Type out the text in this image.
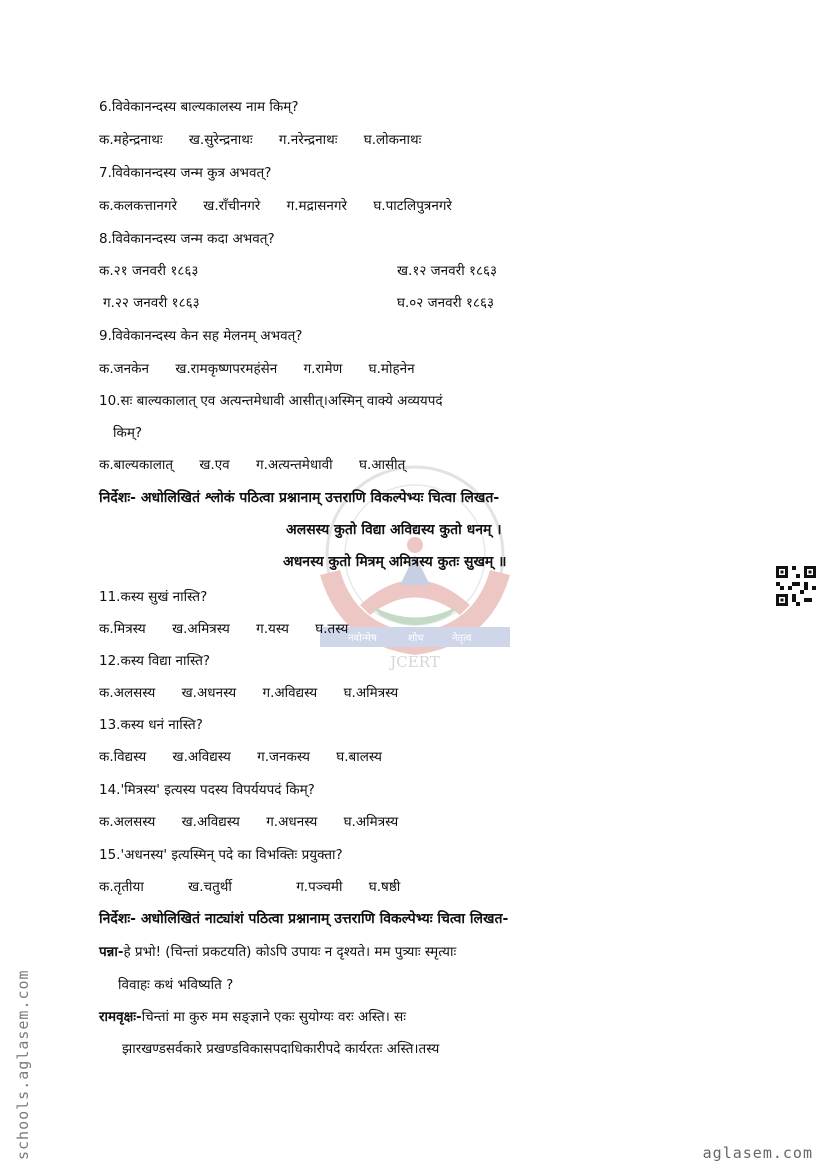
नवोन्मेष	शोध	नेतृत्व
JCERT
6.विवेकानन्दस्य बाल्यकालस्य नाम किम्?
क.महेन्द्रनाथः ख.सुरेन्द्रनाथः ग.नरेन्द्रनाथः घ.लोकनाथः
7.विवेकानन्दस्य जन्म कुत्र अभवत्?
क.कलकत्तानगरे ख.राँचीनगरे ग.मद्रासनगरे घ.पाटलिपुत्रनगरे
8.विवेकानन्दस्य जन्म कदा अभवत्?
क.२१ जनवरी १८६३	ख.१२ जनवरी १८६३
ग.२२ जनवरी १८६३	घ.०२ जनवरी १८६३
9.विवेकानन्दस्य केन सह मेलनम् अभवत्?
क.जनकेन ख.रामकृष्णपरमहंसेन ग.रामेण घ.मोहनेन
10.सः बाल्यकालात् एव अत्यन्तमेधावी आसीत्।अस्मिन् वाक्ये अव्ययपदं
किम्?
क.बाल्यकालात् ख.एव ग.अत्यन्तमेधावी घ.आसीत्
निर्देशः- अधोलिखितं श्लोकं पठित्वा प्रश्नानाम् उत्तराणि विकल्पेभ्यः चित्वा लिखत-
अलसस्य कुतो विद्या अविद्यस्य कुतो धनम् ।
अधनस्य कुतो मित्रम् अमित्रस्य कुतः सुखम् ॥
11.कस्य सुखं नास्ति?
क.मित्रस्य ख.अमित्रस्य ग.यस्य घ.तस्य
12.कस्य विद्या नास्ति?
क.अलसस्य ख.अधनस्य ग.अविद्यस्य घ.अमित्रस्य
13.कस्य धनं नास्ति?
क.विद्यस्य ख.अविद्यस्य ग.जनकस्य घ.बालस्य
14.'मित्रस्य' इत्यस्य पदस्य विपर्ययपदं किम्?
क.अलसस्य ख.अविद्यस्य ग.अधनस्य घ.अमित्रस्य
15.'अधनस्य' इत्यस्मिन् पदे का विभक्तिः प्रयुक्ता?
क.तृतीया	ख.चतुर्थी	ग.पञ्चमी घ.षष्ठी
निर्देशः- अधोलिखितं नाट्यांशं पठित्वा प्रश्नानाम् उत्तराणि विकल्पेभ्यः चित्वा लिखत-
पन्ना-हे प्रभो! (चिन्तां प्रकटयति) कोऽपि उपायः न दृश्यते। मम पुत्र्याः स्मृत्याः
विवाहः कथं भविष्यति ?
रामवृक्षः-चिन्तां मा कुरु मम सङ्ज्ञाने एकः सुयोग्यः वरः अस्ति। सः
झारखण्डसर्वकारे प्रखण्डविकासपदाधिकारीपदे कार्यरतः अस्ति।तस्य
schools.aglasem.com	aglasem.com
